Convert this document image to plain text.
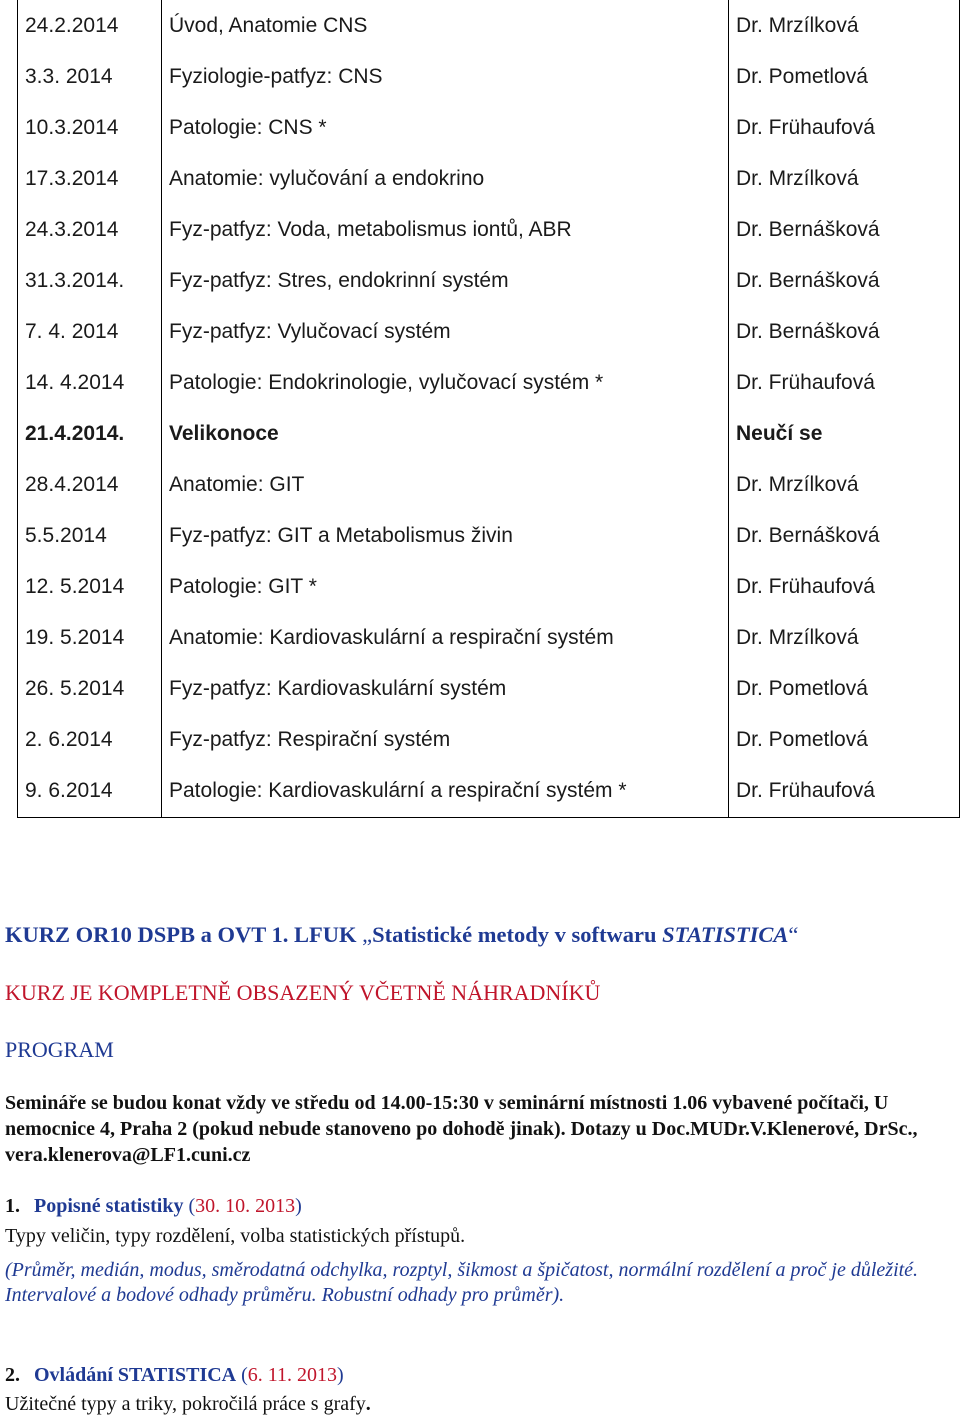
24.2.2014	Úvod, Anatomie CNS	Dr. Mrzílková
3.3. 2014	Fyziologie-patfyz: CNS	Dr. Pometlová
10.3.2014	Patologie: CNS *	Dr. Frühaufová
17.3.2014	Anatomie: vylučování a endokrino	Dr. Mrzílková
24.3.2014	Fyz-patfyz: Voda, metabolismus iontů, ABR	Dr. Bernášková
31.3.2014.	Fyz-patfyz: Stres, endokrinní systém	Dr. Bernášková
7. 4. 2014	Fyz-patfyz: Vylučovací systém	Dr. Bernášková
14. 4.2014	Patologie: Endokrinologie, vylučovací systém *	Dr. Frühaufová
21.4.2014.	Velikonoce	Neučí se
28.4.2014	Anatomie: GIT	Dr. Mrzílková
5.5.2014	Fyz-patfyz: GIT a Metabolismus živin	Dr. Bernášková
12. 5.2014	Patologie: GIT *	Dr. Frühaufová
19. 5.2014	Anatomie: Kardiovaskulární a respirační systém	Dr. Mrzílková
26. 5.2014	Fyz-patfyz: Kardiovaskulární systém	Dr. Pometlová
2. 6.2014	Fyz-patfyz: Respirační systém	Dr. Pometlová
9. 6.2014	Patologie: Kardiovaskulární a respirační systém *	Dr. Frühaufová
KURZ OR10 DSPB a OVT 1. LFUK „Statistické metody v softwaru STATISTICA“

KURZ JE KOMPLETNĚ OBSAZENÝ VČETNĚ NÁHRADNÍKŮ

PROGRAM

Semináře se budou konat vždy ve středu od 14.00-15:30 v seminární místnosti 1.06 vybavené počítači, U nemocnice 4, Praha 2 (pokud nebude stanoveno po dohodě jinak). Dotazy u Doc.MUDr.V.Klenerové, DrSc., vera.klenerova@LF1.cuni.cz

1. Popisné statistiky (30. 10. 2013)

Typy veličin, typy rozdělení, volba statistických přístupů.

(Průměr, medián, modus, směrodatná odchylka, rozptyl, šikmost a špičatost, normální rozdělení a proč je důležité. Intervalové a bodové odhady průměru. Robustní odhady pro průměr).

2. Ovládání STATISTICA (6. 11. 2013)

Užitečné typy a triky, pokročilá práce s grafy.
